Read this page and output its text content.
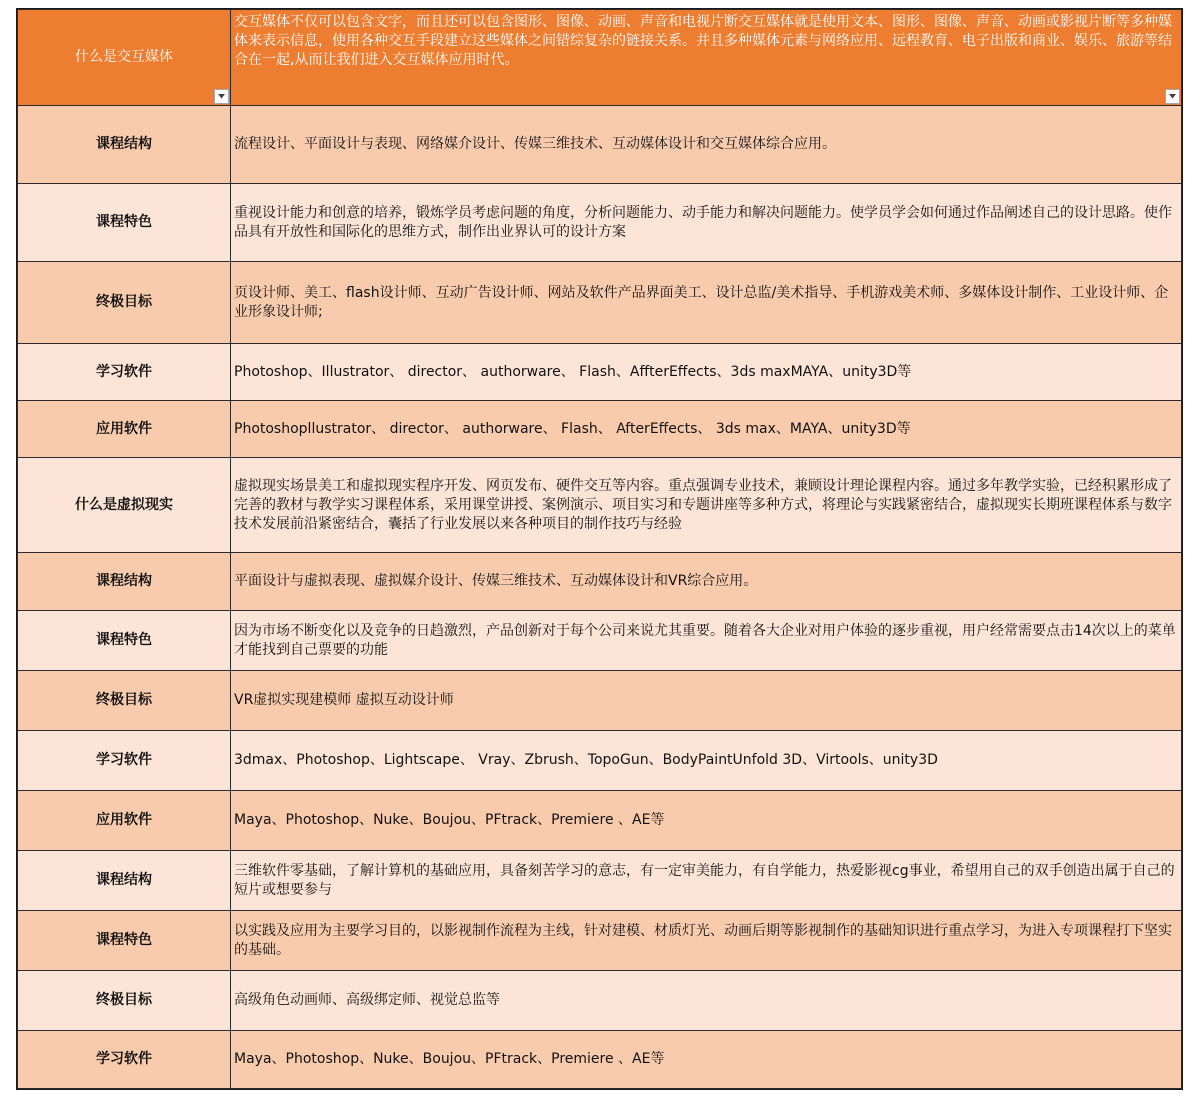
什么是交互媒体	交互媒体不仅可以包含文字，而且还可以包含图形、图像、动画、声音和电视片断交互媒体就是使用文本、图形、图像、声音、动画或影视片断等多种媒体来表示信息，使用各种交互手段建立这些媒体之间错综复杂的链接关系。并且多种媒体元素与网络应用、远程教育、电子出版和商业、娱乐、旅游等结合在一起,从而让我们进入交互媒体应用时代。

课程结构	流程设计、平面设计与表现、网络媒介设计、传媒三维技术、互动媒体设计和交互媒体综合应用。
课程特色	重视设计能力和创意的培养，锻炼学员考虑问题的角度，分析问题能力、动手能力和解决问题能力。使学员学会如何通过作品阐述自己的设计思路。使作品具有开放性和国际化的思维方式，制作出业界认可的设计方案
终极目标	页设计师、美工、flash设计师、互动广告设计师、网站及软件产品界面美工、设计总监/美术指导、手机游戏美术师、多媒体设计制作、工业设计师、企业形象设计师;
学习软件	Photoshop、Illustrator、 director、 authorware、 Flash、AffterEffects、3ds maxMAYA、unity3D等
应用软件	Photoshopllustrator、 director、 authorware、 Flash、 AfterEffects、 3ds max、MAYA、unity3D等
什么是虚拟现实	虚拟现实场景美工和虚拟现实程序开发、网页发布、硬件交互等内容。重点强调专业技术，兼顾设计理论课程内容。通过多年教学实验，已经积累形成了完善的教材与教学实习课程体系，采用课堂讲授、案例演示、项目实习和专题讲座等多种方式，将理论与实践紧密结合，虚拟现实长期班课程体系与数字技术发展前沿紧密结合，囊括了行业发展以来各种项目的制作技巧与经验
课程结构	平面设计与虚拟表现、虚拟媒介设计、传媒三维技术、互动媒体设计和VR综合应用。
课程特色	因为市场不断变化以及竞争的日趋激烈，产品创新对于每个公司来说尤其重要。随着各大企业对用户体验的逐步重视，用户经常需要点击14次以上的菜单才能找到自己票要的功能
终极目标	VR虚拟实现建模师 虚拟互动设计师
学习软件	3dmax、Photoshop、Lightscape、 Vray、Zbrush、TopoGun、BodyPaintUnfold 3D、Virtools、unity3D
应用软件	Maya、Photoshop、Nuke、Boujou、PFtrack、Premiere 、AE等
课程结构	三维软件零基础，了解计算机的基础应用，具备刻苦学习的意志，有一定审美能力，有自学能力，热爱影视cg事业，希望用自己的双手创造出属于自己的短片或想要参与
课程特色	以实践及应用为主要学习目的，以影视制作流程为主线，针对建模、材质灯光、动画后期等影视制作的基础知识进行重点学习，为进入专项课程打下坚实的基础。
终极目标	高级角色动画师、高级绑定师、视觉总监等
学习软件	Maya、Photoshop、Nuke、Boujou、PFtrack、Premiere 、AE等
